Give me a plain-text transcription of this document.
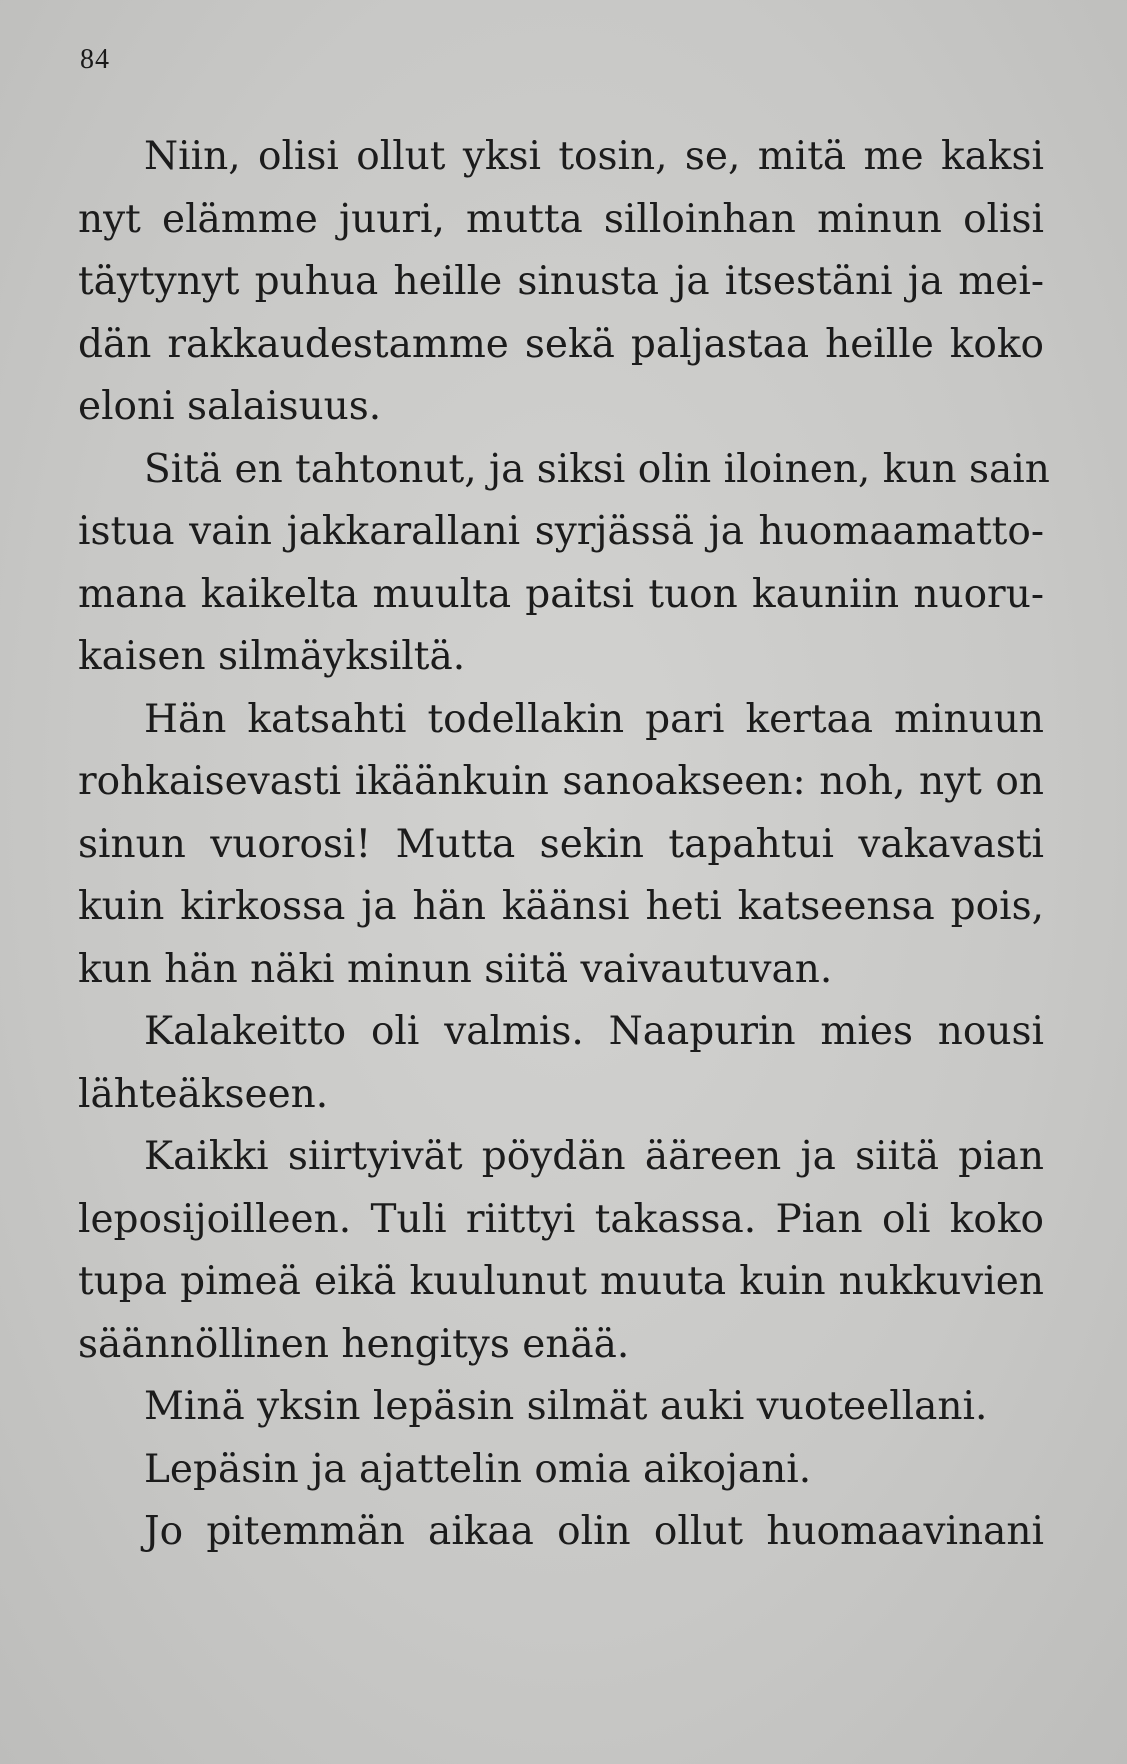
84
Niin, olisi ollut yksi tosin, se, mitä me kaksi
nyt elämme juuri, mutta silloinhan minun olisi
täytynyt puhua heille sinusta ja itsestäni ja mei-
dän rakkaudestamme sekä paljastaa heille koko
eloni salaisuus.
Sitä en tahtonut, ja siksi olin iloinen, kun sain
istua vain jakkarallani syrjässä ja huomaamatto-
mana kaikelta muulta paitsi tuon kauniin nuoru-
kaisen silmäyksiltä.
Hän katsahti todellakin pari kertaa minuun
rohkaisevasti ikäänkuin sanoakseen: noh, nyt on
sinun vuorosi! Mutta sekin tapahtui vakavasti
kuin kirkossa ja hän käänsi heti katseensa pois,
kun hän näki minun siitä vaivautuvan.
Kalakeitto oli valmis. Naapurin mies nousi
lähteäkseen.
Kaikki siirtyivät pöydän ääreen ja siitä pian
leposijoilleen. Tuli riittyi takassa. Pian oli koko
tupa pimeä eikä kuulunut muuta kuin nukkuvien
säännöllinen hengitys enää.
Minä yksin lepäsin silmät auki vuoteellani.
Lepäsin ja ajattelin omia aikojani.
Jo pitemmän aikaa olin ollut huomaavinani
